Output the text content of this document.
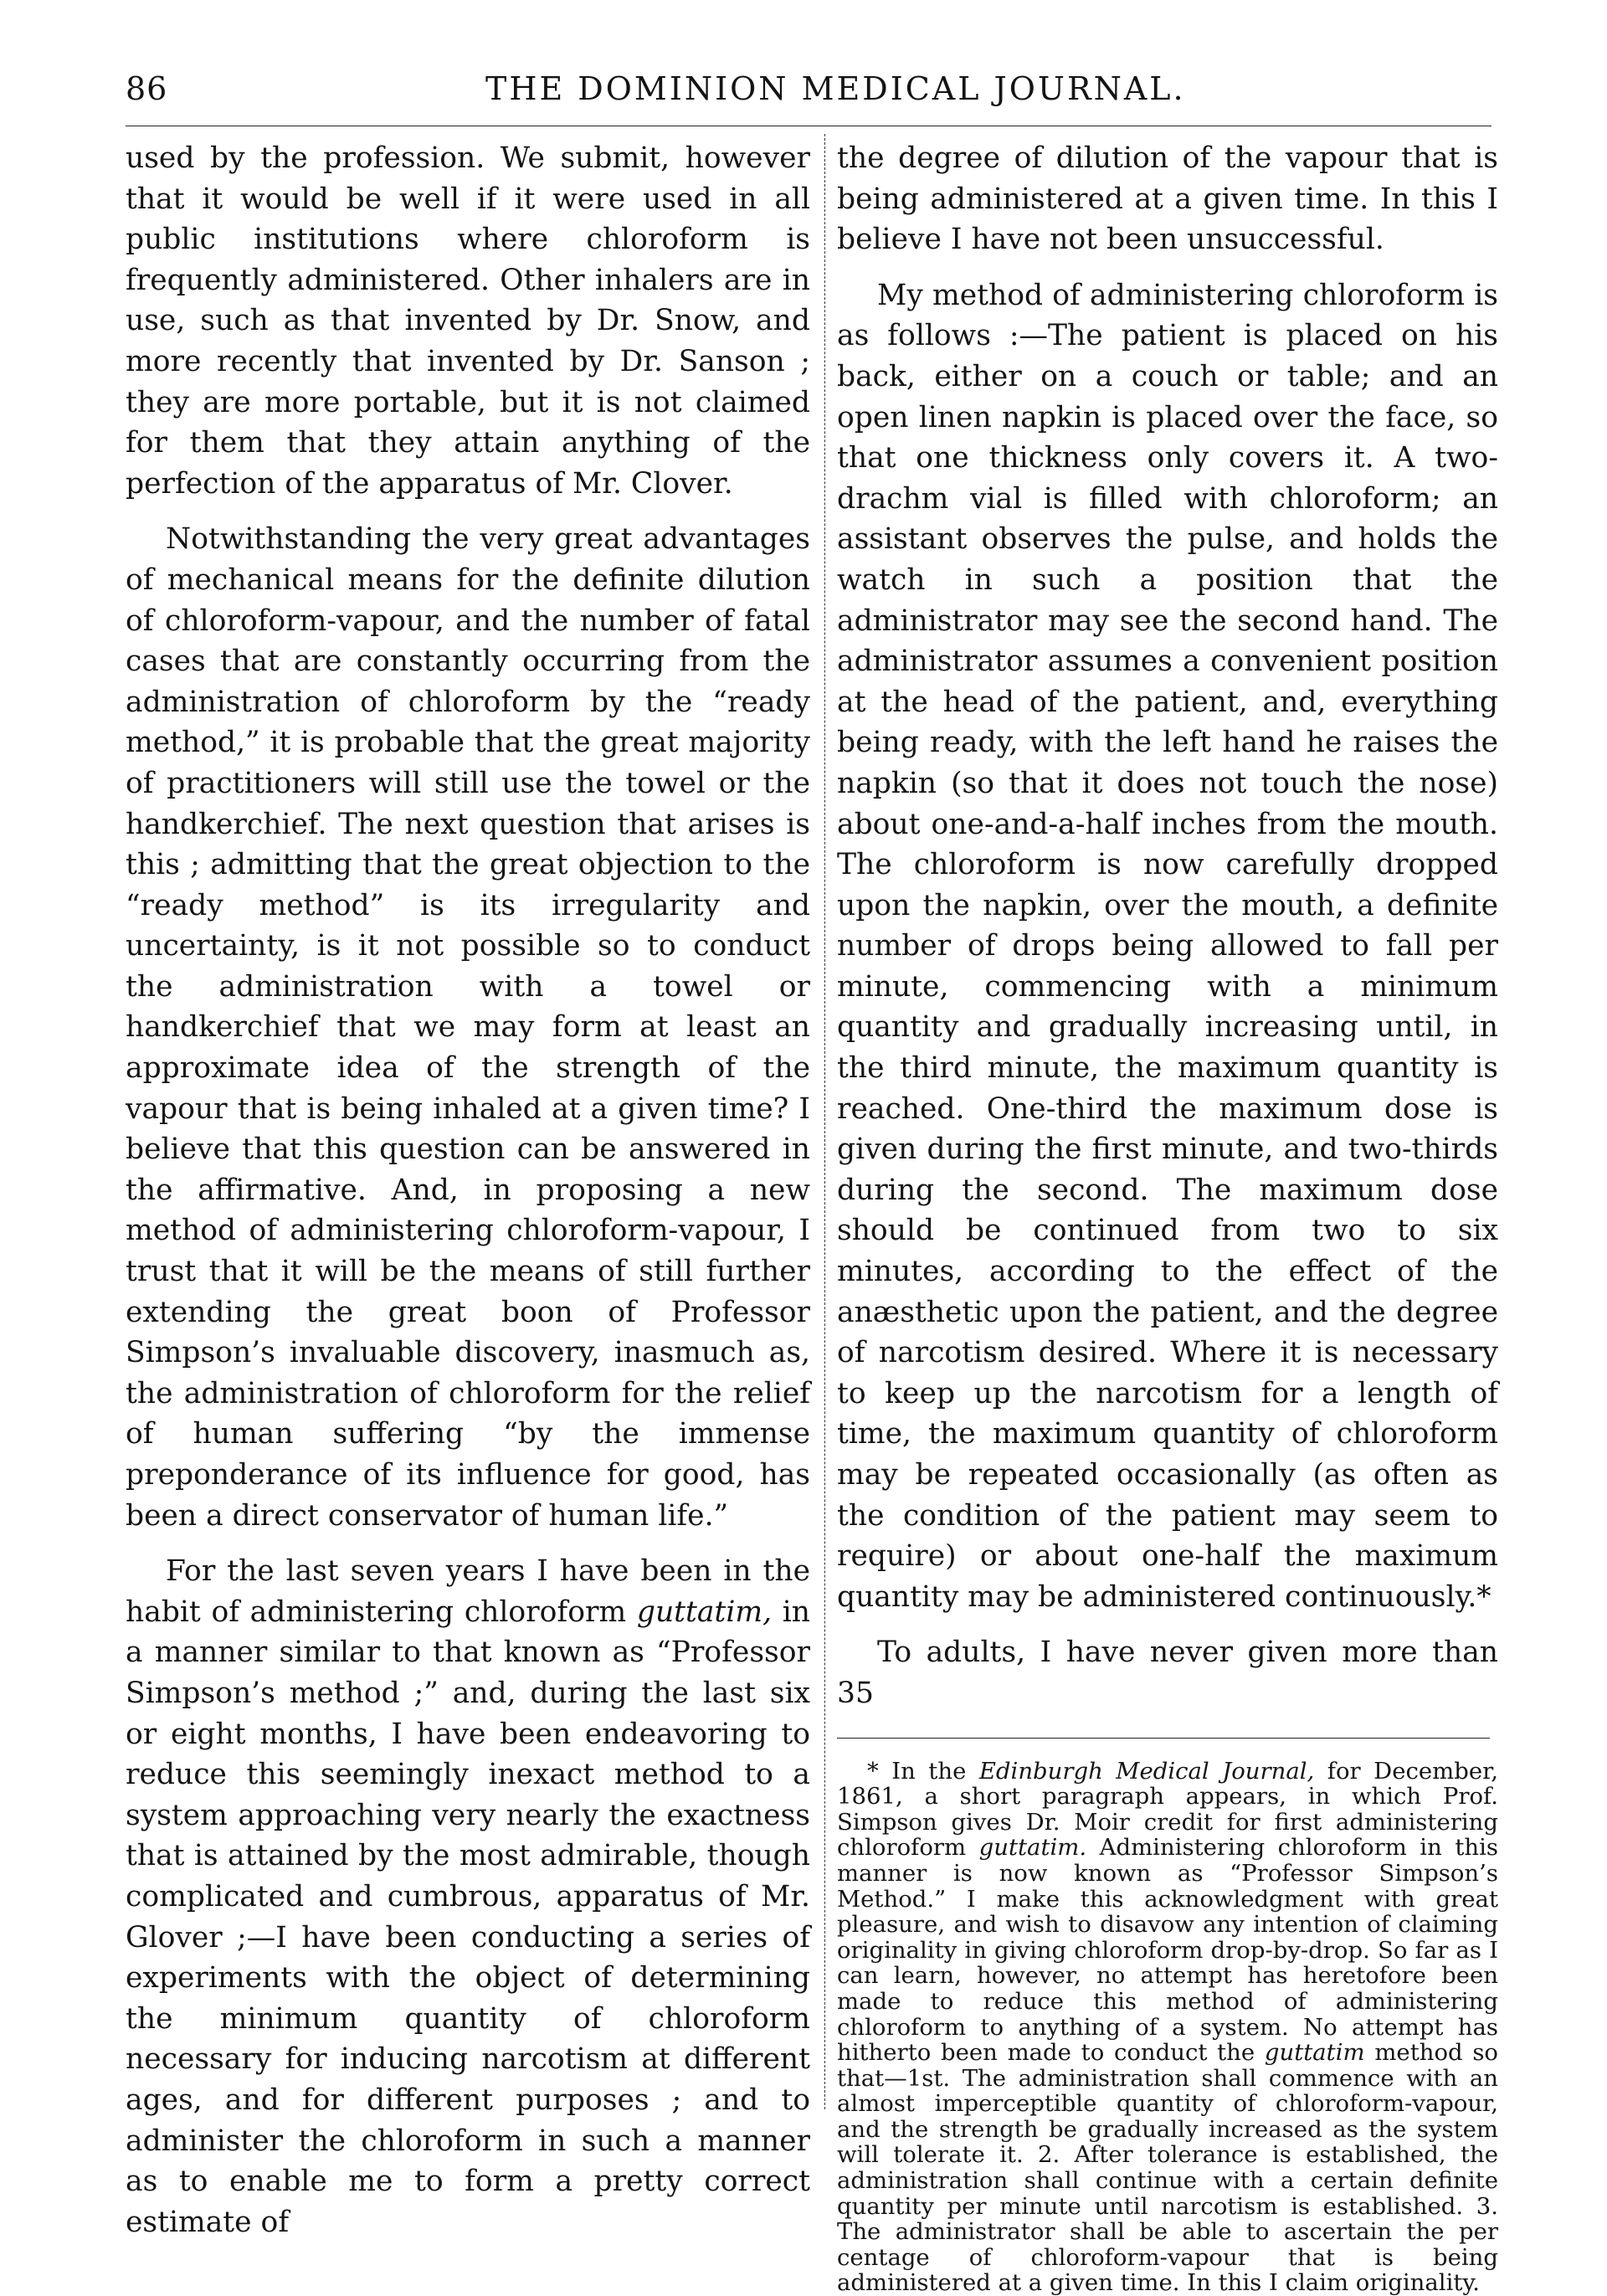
86	THE DOMINION MEDICAL JOURNAL.

used by the profession. We submit, however that it would be well if it were used in all public institutions where chloroform is frequently administered. Other inhalers are in use, such as that invented by Dr. Snow, and more recently that invented by Dr. Sanson ; they are more portable, but it is not claimed for them that they attain anything of the perfection of the apparatus of Mr. Clover.

Notwithstanding the very great advantages of mechanical means for the definite dilution of chloroform-vapour, and the number of fatal cases that are constantly occurring from the administration of chloroform by the “ready method,” it is probable that the great majority of practitioners will still use the towel or the handkerchief. The next question that arises is this ; admitting that the great objection to the “ready method” is its irregularity and uncertainty, is it not possible so to conduct the administration with a towel or handkerchief that we may form at least an approximate idea of the strength of the vapour that is being inhaled at a given time? I believe that this question can be answered in the affirmative. And, in proposing a new method of administering chloroform-vapour, I trust that it will be the means of still further extending the great boon of Professor Simpson’s invaluable discovery, inasmuch as, the administration of chloroform for the relief of human suffering “by the immense preponderance of its influence for good, has been a direct conservator of human life.”

For the last seven years I have been in the habit of administering chloroform guttatim, in a manner similar to that known as “Professor Simpson’s method ;” and, during the last six or eight months, I have been endeavoring to reduce this seemingly inexact method to a system approaching very nearly the exactness that is attained by the most admirable, though complicated and cumbrous, apparatus of Mr. Glover ;—I have been conducting a series of experiments with the object of determining the minimum quantity of chloroform necessary for inducing narcotism at different ages, and for different purposes ; and to administer the chloroform in such a manner as to enable me to form a pretty correct estimate of

the degree of dilution of the vapour that is being administered at a given time. In this I believe I have not been unsuccessful.

My method of administering chloroform is as follows :—The patient is placed on his back, either on a couch or table; and an open linen napkin is placed over the face, so that one thickness only covers it. A two-drachm vial is filled with chloroform; an assistant observes the pulse, and holds the watch in such a position that the administrator may see the second hand. The administrator assumes a convenient position at the head of the patient, and, everything being ready, with the left hand he raises the napkin (so that it does not touch the nose) about one-and-a-half inches from the mouth. The chloroform is now carefully dropped upon the napkin, over the mouth, a definite number of drops being allowed to fall per minute, commencing with a minimum quantity and gradually increasing until, in the third minute, the maximum quantity is reached. One-third the maximum dose is given during the first minute, and two-thirds during the second. The maximum dose should be continued from two to six minutes, according to the effect of the anæsthetic upon the patient, and the degree of narcotism desired. Where it is necessary to keep up the narcotism for a length of time, the maximum quantity of chloroform may be repeated occasionally (as often as the condition of the patient may seem to require) or about one-half the maximum quantity may be administered continuously.*

To adults, I have never given more than 35

* In the Edinburgh Medical Journal, for December, 1861, a short paragraph appears, in which Prof. Simpson gives Dr. Moir credit for first administering chloroform guttatim. Administering chloroform in this manner is now known as “Professor Simpson’s Method.” I make this acknowledgment with great pleasure, and wish to disavow any intention of claiming originality in giving chloroform drop-by-drop. So far as I can learn, however, no attempt has heretofore been made to reduce this method of administering chloroform to anything of a system. No attempt has hitherto been made to conduct the guttatim method so that—1st. The administration shall commence with an almost imperceptible quantity of chloroform-vapour, and the strength be gradually increased as the system will tolerate it. 2. After tolerance is established, the administration shall continue with a certain definite quantity per minute until narcotism is established. 3. The administrator shall be able to ascertain the per centage of chloroform-vapour that is being administered at a given time. In this I claim originality.
